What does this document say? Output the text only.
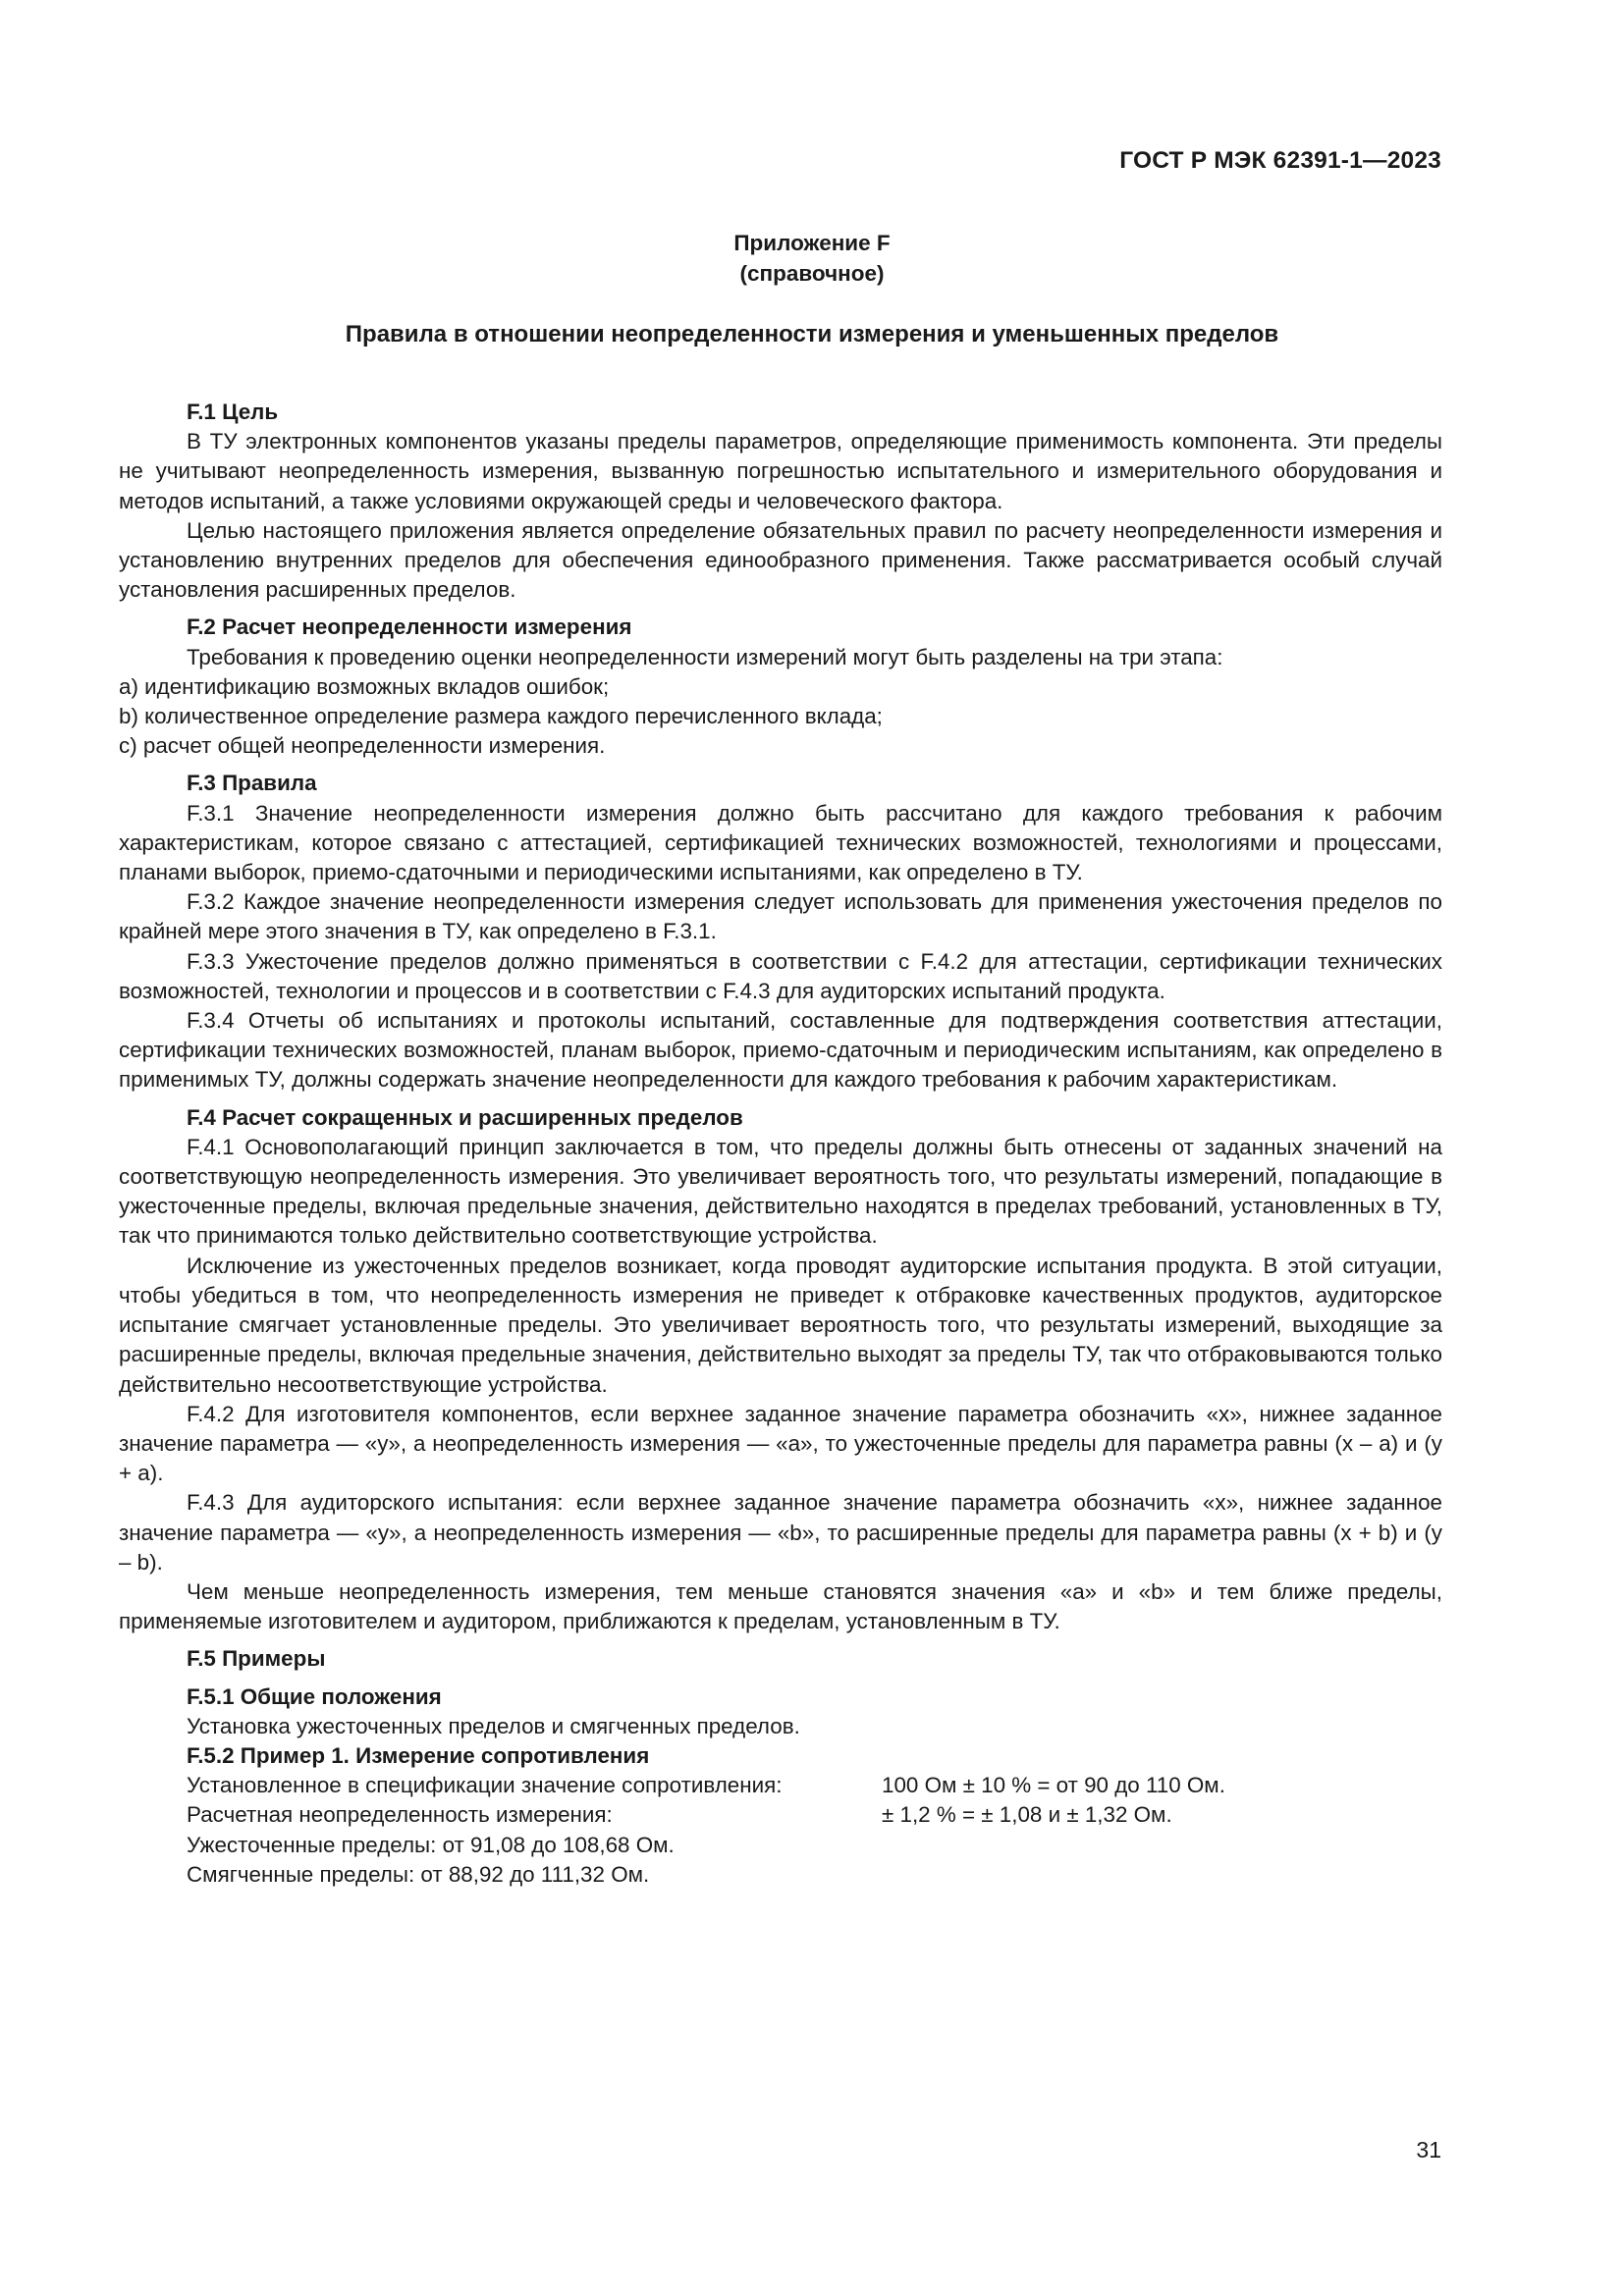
ГОСТ Р МЭК 62391-1—2023
Приложение F
(справочное)
Правила в отношении неопределенности измерения и уменьшенных пределов
F.1 Цель

В ТУ электронных компонентов указаны пределы параметров, определяющие применимость компонента. Эти пределы не учитывают неопределенность измерения, вызванную погрешностью испытательного и измерительного оборудования и методов испытаний, а также условиями окружающей среды и человеческого фактора.

Целью настоящего приложения является определение обязательных правил по расчету неопределенности измерения и установлению внутренних пределов для обеспечения единообразного применения. Также рассматривается особый случай установления расширенных пределов.

F.2 Расчет неопределенности измерения

Требования к проведению оценки неопределенности измерений могут быть разделены на три этапа:

a) идентификацию возможных вкладов ошибок;
b) количественное определение размера каждого перечисленного вклада;
c) расчет общей неопределенности измерения.
F.3 Правила

F.3.1 Значение неопределенности измерения должно быть рассчитано для каждого требования к рабочим характеристикам, которое связано с аттестацией, сертификацией технических возможностей, технологиями и процессами, планами выборок, приемо-сдаточными и периодическими испытаниями, как определено в ТУ.

F.3.2 Каждое значение неопределенности измерения следует использовать для применения ужесточения пределов по крайней мере этого значения в ТУ, как определено в F.3.1.

F.3.3 Ужесточение пределов должно применяться в соответствии с F.4.2 для аттестации, сертификации технических возможностей, технологии и процессов и в соответствии с F.4.3 для аудиторских испытаний продукта.

F.3.4 Отчеты об испытаниях и протоколы испытаний, составленные для подтверждения соответствия аттестации, сертификации технических возможностей, планам выборок, приемо-сдаточным и периодическим испытаниям, как определено в применимых ТУ, должны содержать значение неопределенности для каждого требования к рабочим характеристикам.

F.4 Расчет сокращенных и расширенных пределов

F.4.1 Основополагающий принцип заключается в том, что пределы должны быть отнесены от заданных значений на соответствующую неопределенность измерения. Это увеличивает вероятность того, что результаты измерений, попадающие в ужесточенные пределы, включая предельные значения, действительно находятся в пределах требований, установленных в ТУ, так что принимаются только действительно соответствующие устройства.

Исключение из ужесточенных пределов возникает, когда проводят аудиторские испытания продукта. В этой ситуации, чтобы убедиться в том, что неопределенность измерения не приведет к отбраковке качественных продуктов, аудиторское испытание смягчает установленные пределы. Это увеличивает вероятность того, что результаты измерений, выходящие за расширенные пределы, включая предельные значения, действительно выходят за пределы ТУ, так что отбраковываются только действительно несоответствующие устройства.

F.4.2 Для изготовителя компонентов, если верхнее заданное значение параметра обозначить «x», нижнее заданное значение параметра — «y», а неопределенность измерения — «a», то ужесточенные пределы для параметра равны (x – a) и (y + a).

F.4.3 Для аудиторского испытания: если верхнее заданное значение параметра обозначить «x», нижнее заданное значение параметра — «y», а неопределенность измерения — «b», то расширенные пределы для параметра равны (x + b) и (y – b).

Чем меньше неопределенность измерения, тем меньше становятся значения «a» и «b» и тем ближе пределы, применяемые изготовителем и аудитором, приближаются к пределам, установленным в ТУ.

F.5 Примеры
F.5.1 Общие положения
Установка ужесточенных пределов и смягченных пределов.
F.5.2 Пример 1. Измерение сопротивления
Установленное в спецификации значение сопротивления:	100 Ом ± 10 % = от 90 до 110 Ом.
Расчетная неопределенность измерения:	± 1,2 % = ± 1,08 и ± 1,32 Ом.
Ужесточенные пределы: от 91,08 до 108,68 Ом.
Смягченные пределы: от 88,92 до 111,32 Ом.
31
